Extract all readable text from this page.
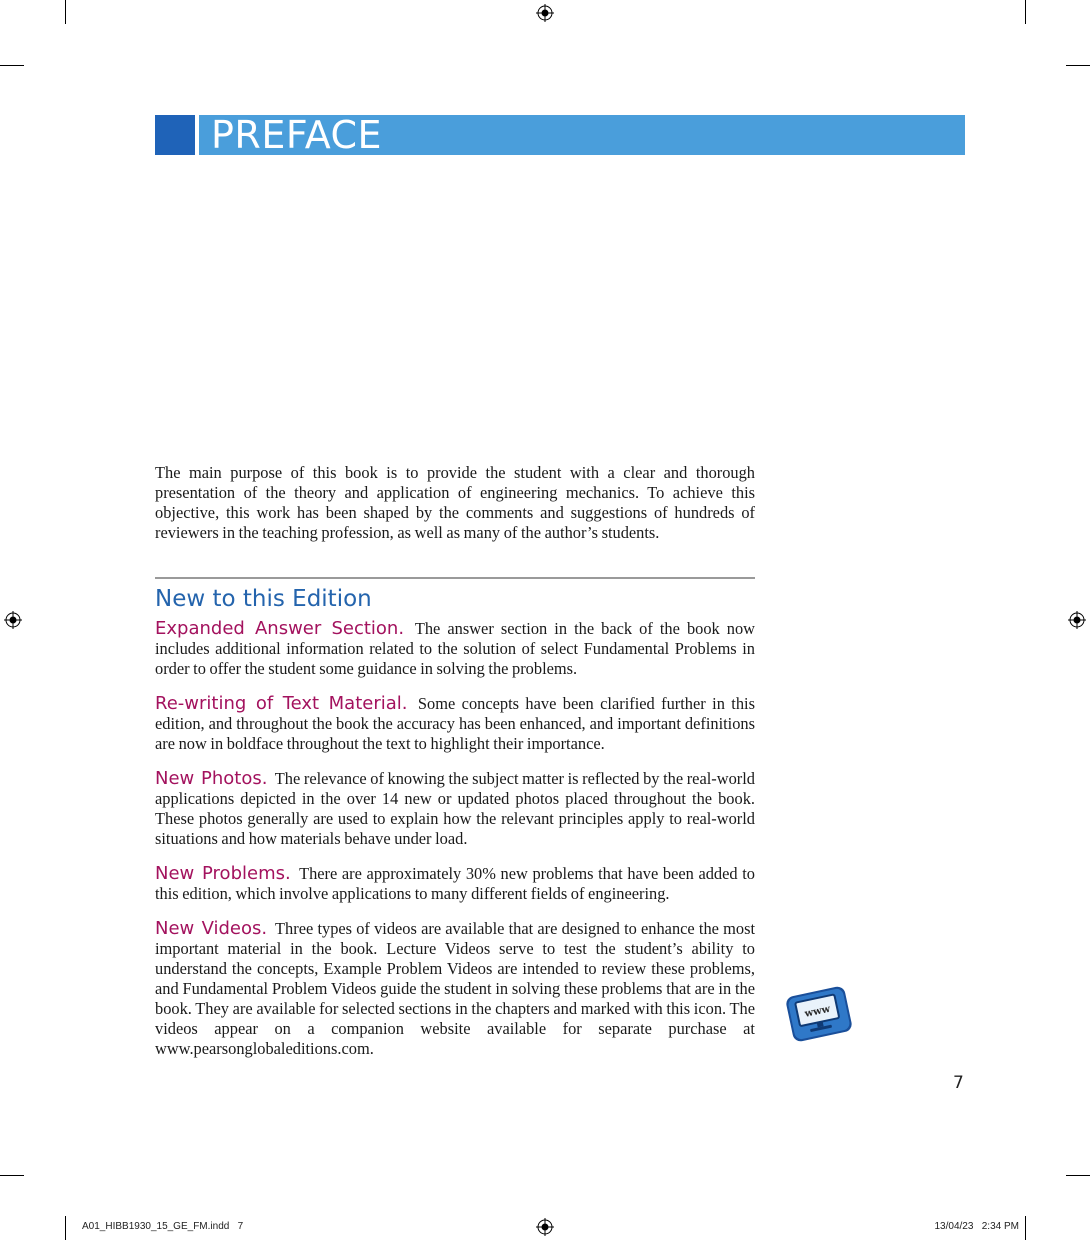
PREFACE

The main purpose of this book is to provide the student with a clear and thorough presentation of the theory and application of engineering mechanics. To achieve this objective, this work has been shaped by the comments and suggestions of hundreds of reviewers in the teaching profession, as well as many of the author’s students.

New to this Edition

Expanded Answer Section. The answer section in the back of the book now includes additional information related to the solution of select Fundamental Problems in order to offer the student some guidance in solving the problems.

Re-writing of Text Material. Some concepts have been clarified further in this edition, and throughout the book the accuracy has been enhanced, and important definitions are now in boldface throughout the text to highlight their importance.

New Photos. The relevance of knowing the subject matter is reflected by the real-world applications depicted in the over 14 new or updated photos placed throughout the book. These photos generally are used to explain how the relevant principles apply to real-world situations and how materials behave under load.

New Problems. There are approximately 30% new problems that have been added to this edition, which involve applications to many different fields of engineering.

New Videos. Three types of videos are available that are designed to enhance the most important material in the book. Lecture Videos serve to test the student’s ability to understand the concepts, Example Problem Videos are intended to review these problems, and Fundamental Problem Videos guide the student in solving these problems that are in the book. They are available for selected sections in the chapters and marked with this icon. The videos appear on a companion website available for separate purchase at www.pearsonglobaleditions.com.

www
7
A01_HIBB1930_15_GE_FM.indd   7	13/04/23   2:34 PM
